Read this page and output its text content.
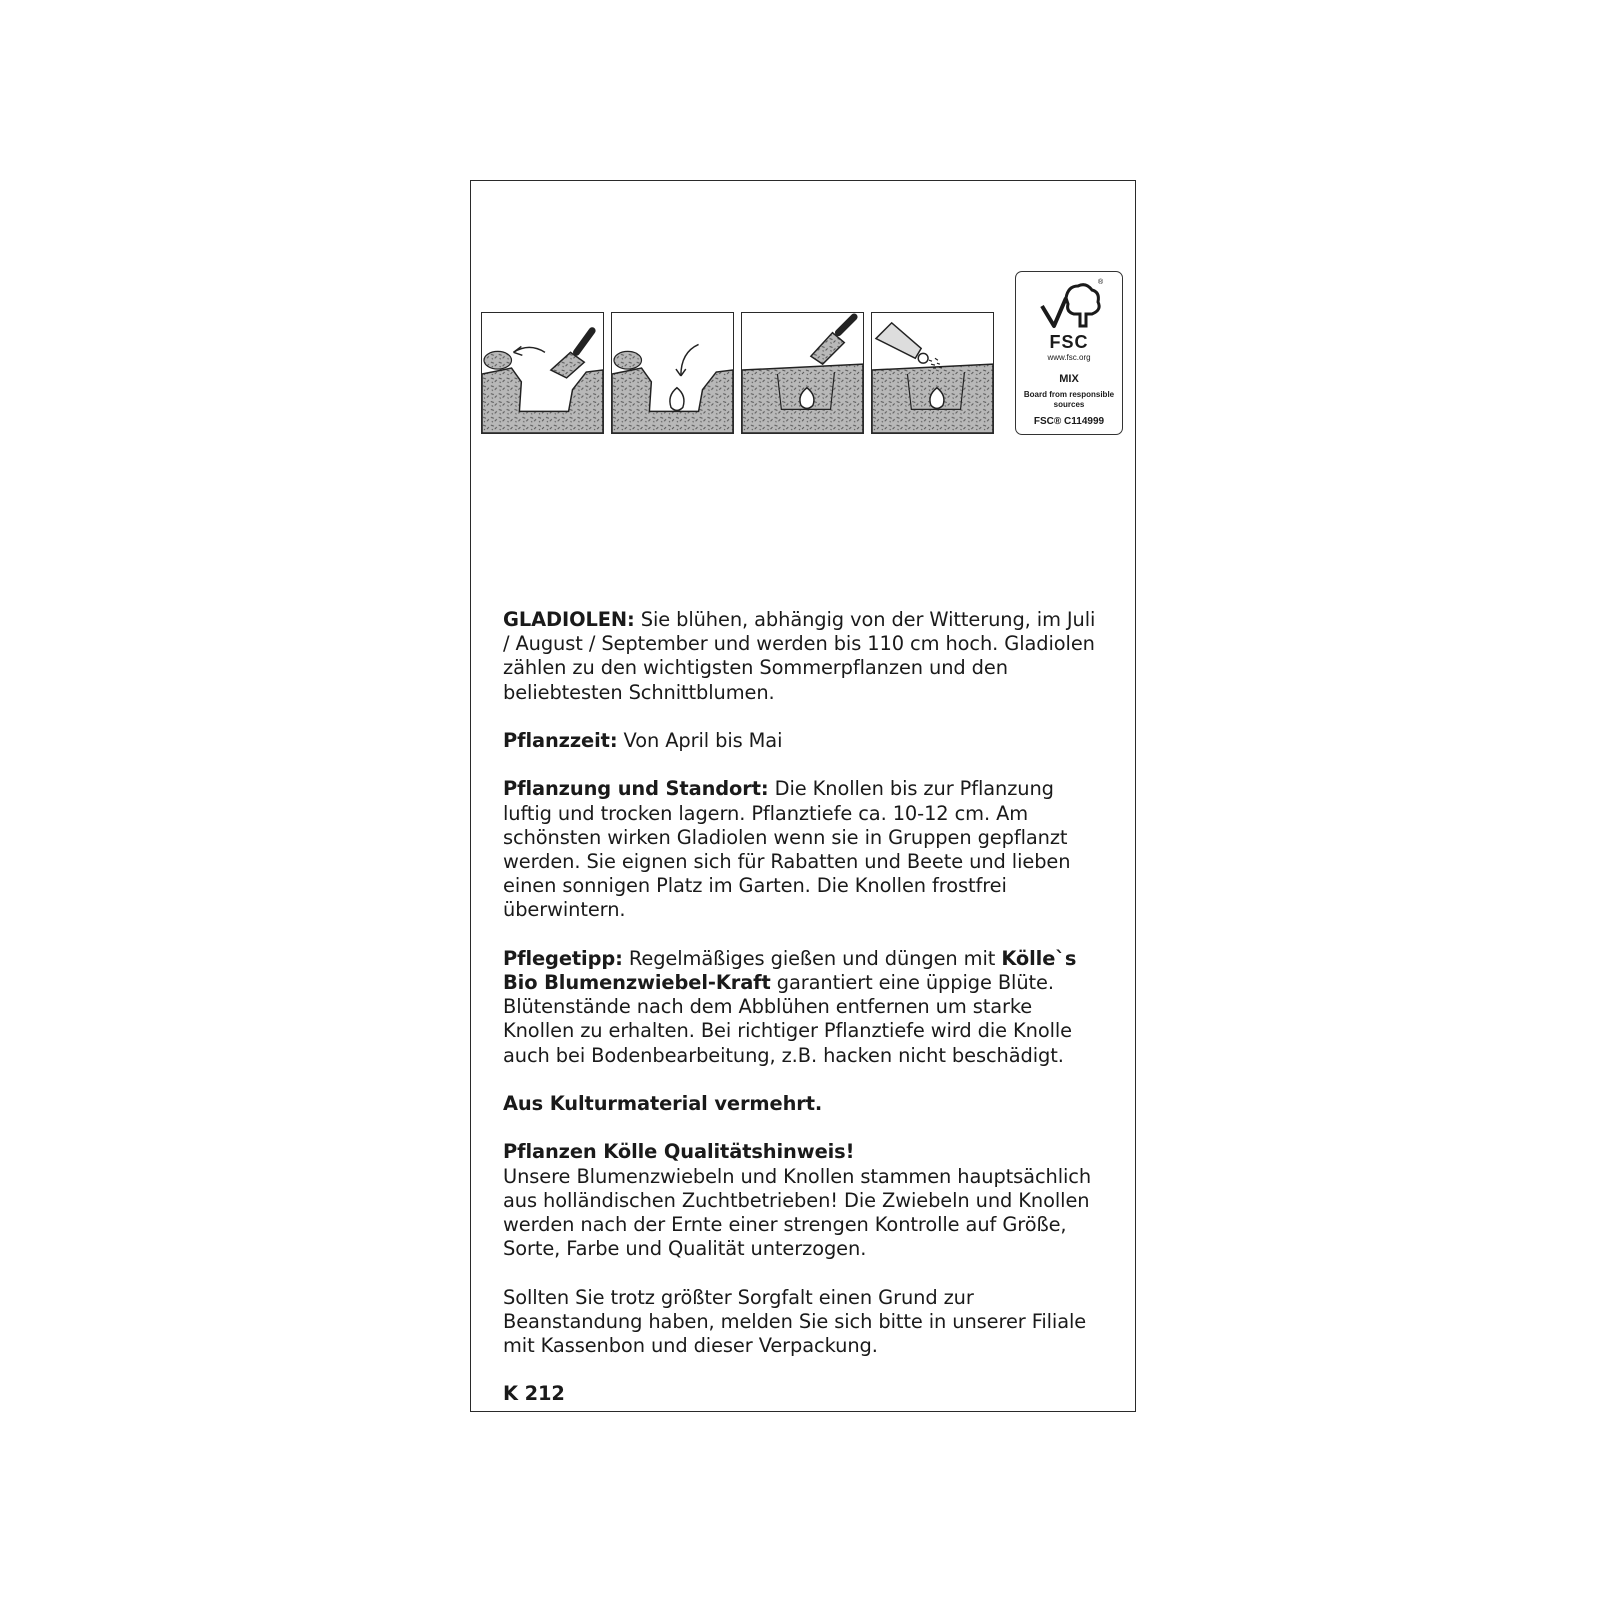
®
FSC
www.fsc.org
MIX
Board from responsible sources
FSC® C114999

GLADIOLEN: Sie blühen, abhängig von der Witterung, im Juli / August / September und werden bis 110 cm hoch. Gladiolen zählen zu den wichtigsten Sommerpflanzen und den beliebtesten Schnittblumen.

Pflanzzeit: Von April bis Mai

Pflanzung und Standort: Die Knollen bis zur Pflanzung luftig und trocken lagern. Pflanztiefe ca. 10-12 cm. Am schönsten wirken Gladiolen wenn sie in Gruppen gepflanzt werden. Sie eignen sich für Rabatten und Beete und lieben einen sonnigen Platz im Garten. Die Knollen frostfrei überwintern.

Pflegetipp: Regelmäßiges gießen und düngen mit Kölle`s Bio Blumenzwiebel-Kraft garantiert eine üppige Blüte. Blütenstände nach dem Abblühen entfernen um starke Knollen zu erhalten. Bei richtiger Pflanztiefe wird die Knolle auch bei Bodenbearbeitung, z.B. hacken nicht beschädigt.

Aus Kulturmaterial vermehrt.

Pflanzen Kölle Qualitätshinweis!
Unsere Blumenzwiebeln und Knollen stammen hauptsächlich aus holländischen Zuchtbetrieben! Die Zwiebeln und Knollen werden nach der Ernte einer strengen Kontrolle auf Größe, Sorte, Farbe und Qualität unterzogen.

Sollten Sie trotz größter Sorgfalt einen Grund zur Beanstandung haben, melden Sie sich bitte in unserer Filiale mit Kassenbon und dieser Verpackung.

K 212
